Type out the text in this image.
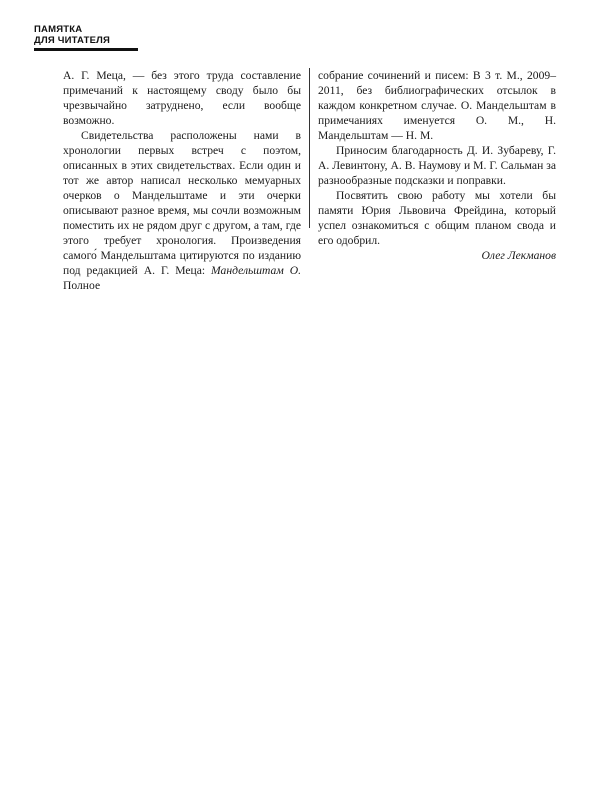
ПАМЯТКА
ДЛЯ ЧИТАТЕЛЯ

А. Г. Меца, — без этого труда составление примечаний к настоящему своду было бы чрезвычайно затруднено, если вообще возможно.

Свидетельства расположены нами в хронологии первых встреч с поэтом, описанных в этих свидетельствах. Если один и тот же автор написал несколько мемуарных очерков о Мандельштаме и эти очерки описывают разное время, мы сочли возможным поместить их не рядом друг с другом, а там, где этого требует хронология. Произведения самого́ Мандельштама цитируются по изданию под редакцией А. Г. Меца: Мандельштам О. Полное

собрание сочинений и писем: В 3 т. М., 2009–2011, без библиографических отсылок в каждом конкретном случае. О. Мандельштам в примечаниях именуется О. М., Н. Мандельштам — Н. М.

Приносим благодарность Д. И. Зубареву, Г. А. Левинтону, А. В. Наумову и М. Г. Сальман за разнообразные подсказки и поправки.

Посвятить свою работу мы хотели бы памяти Юрия Львовича Фрейдина, который успел ознакомиться с общим планом свода и его одобрил.

Олег Лекманов
